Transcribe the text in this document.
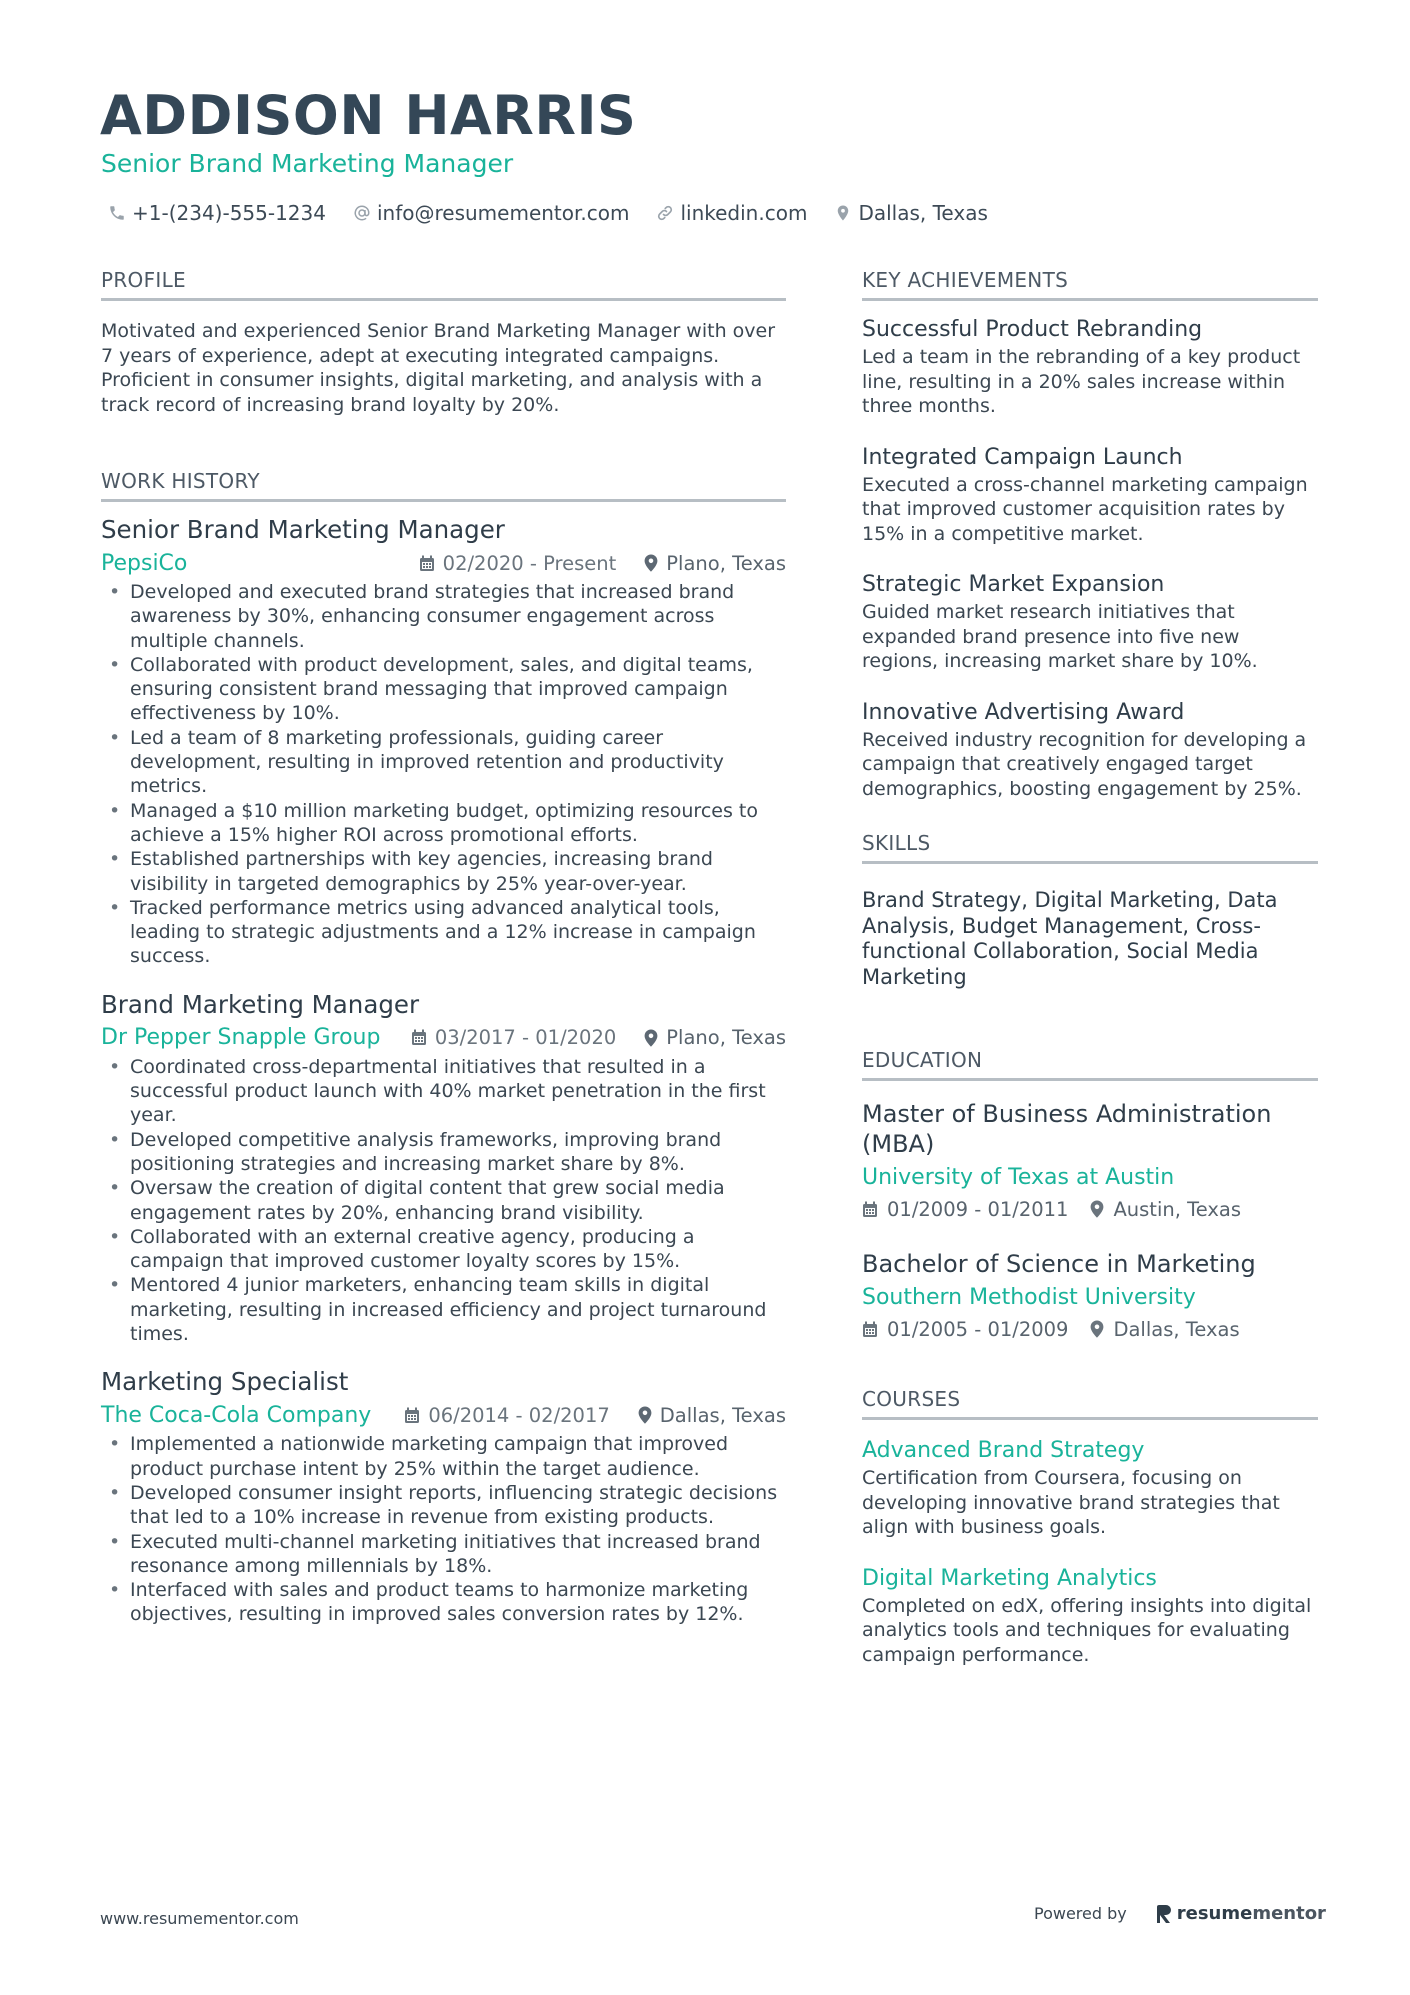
ADDISON HARRIS
Senior Brand Marketing Manager
+1-(234)-555-1234	info@resumementor.com	linkedin.com	Dallas, Texas
PROFILE
Motivated and experienced Senior Brand Marketing Manager with over 7 years of experience, adept at executing integrated campaigns. Proficient in consumer insights, digital marketing, and analysis with a track record of increasing brand loyalty by 20%.
WORK HISTORY
Senior Brand Marketing Manager
PepsiCo	02/2020 - Present	Plano, Texas
• Developed and executed brand strategies that increased brand awareness by 30%, enhancing consumer engagement across multiple channels.
• Collaborated with product development, sales, and digital teams, ensuring consistent brand messaging that improved campaign effectiveness by 10%.
• Led a team of 8 marketing professionals, guiding career development, resulting in improved retention and productivity metrics.
• Managed a $10 million marketing budget, optimizing resources to achieve a 15% higher ROI across promotional efforts.
• Established partnerships with key agencies, increasing brand visibility in targeted demographics by 25% year-over-year.
• Tracked performance metrics using advanced analytical tools, leading to strategic adjustments and a 12% increase in campaign success.
Brand Marketing Manager
Dr Pepper Snapple Group	03/2017 - 01/2020	Plano, Texas
• Coordinated cross-departmental initiatives that resulted in a successful product launch with 40% market penetration in the first year.
• Developed competitive analysis frameworks, improving brand positioning strategies and increasing market share by 8%.
• Oversaw the creation of digital content that grew social media engagement rates by 20%, enhancing brand visibility.
• Collaborated with an external creative agency, producing a campaign that improved customer loyalty scores by 15%.
• Mentored 4 junior marketers, enhancing team skills in digital marketing, resulting in increased efficiency and project turnaround times.
Marketing Specialist
The Coca-Cola Company	06/2014 - 02/2017	Dallas, Texas
• Implemented a nationwide marketing campaign that improved product purchase intent by 25% within the target audience.
• Developed consumer insight reports, influencing strategic decisions that led to a 10% increase in revenue from existing products.
• Executed multi-channel marketing initiatives that increased brand resonance among millennials by 18%.
• Interfaced with sales and product teams to harmonize marketing objectives, resulting in improved sales conversion rates by 12%.
KEY ACHIEVEMENTS
Successful Product Rebranding
Led a team in the rebranding of a key product line, resulting in a 20% sales increase within three months.
Integrated Campaign Launch
Executed a cross-channel marketing campaign that improved customer acquisition rates by 15% in a competitive market.
Strategic Market Expansion
Guided market research initiatives that expanded brand presence into five new regions, increasing market share by 10%.
Innovative Advertising Award
Received industry recognition for developing a campaign that creatively engaged target demographics, boosting engagement by 25%.
SKILLS
Brand Strategy, Digital Marketing, Data Analysis, Budget Management, Cross-functional Collaboration, Social Media Marketing
EDUCATION
Master of Business Administration (MBA)
University of Texas at Austin
01/2009 - 01/2011 Austin, Texas
Bachelor of Science in Marketing
Southern Methodist University
01/2005 - 01/2009 Dallas, Texas
COURSES
Advanced Brand Strategy
Certification from Coursera, focusing on developing innovative brand strategies that align with business goals.
Digital Marketing Analytics
Completed on edX, offering insights into digital analytics tools and techniques for evaluating campaign performance.
www.resumementor.com	Powered by	resume mentor
